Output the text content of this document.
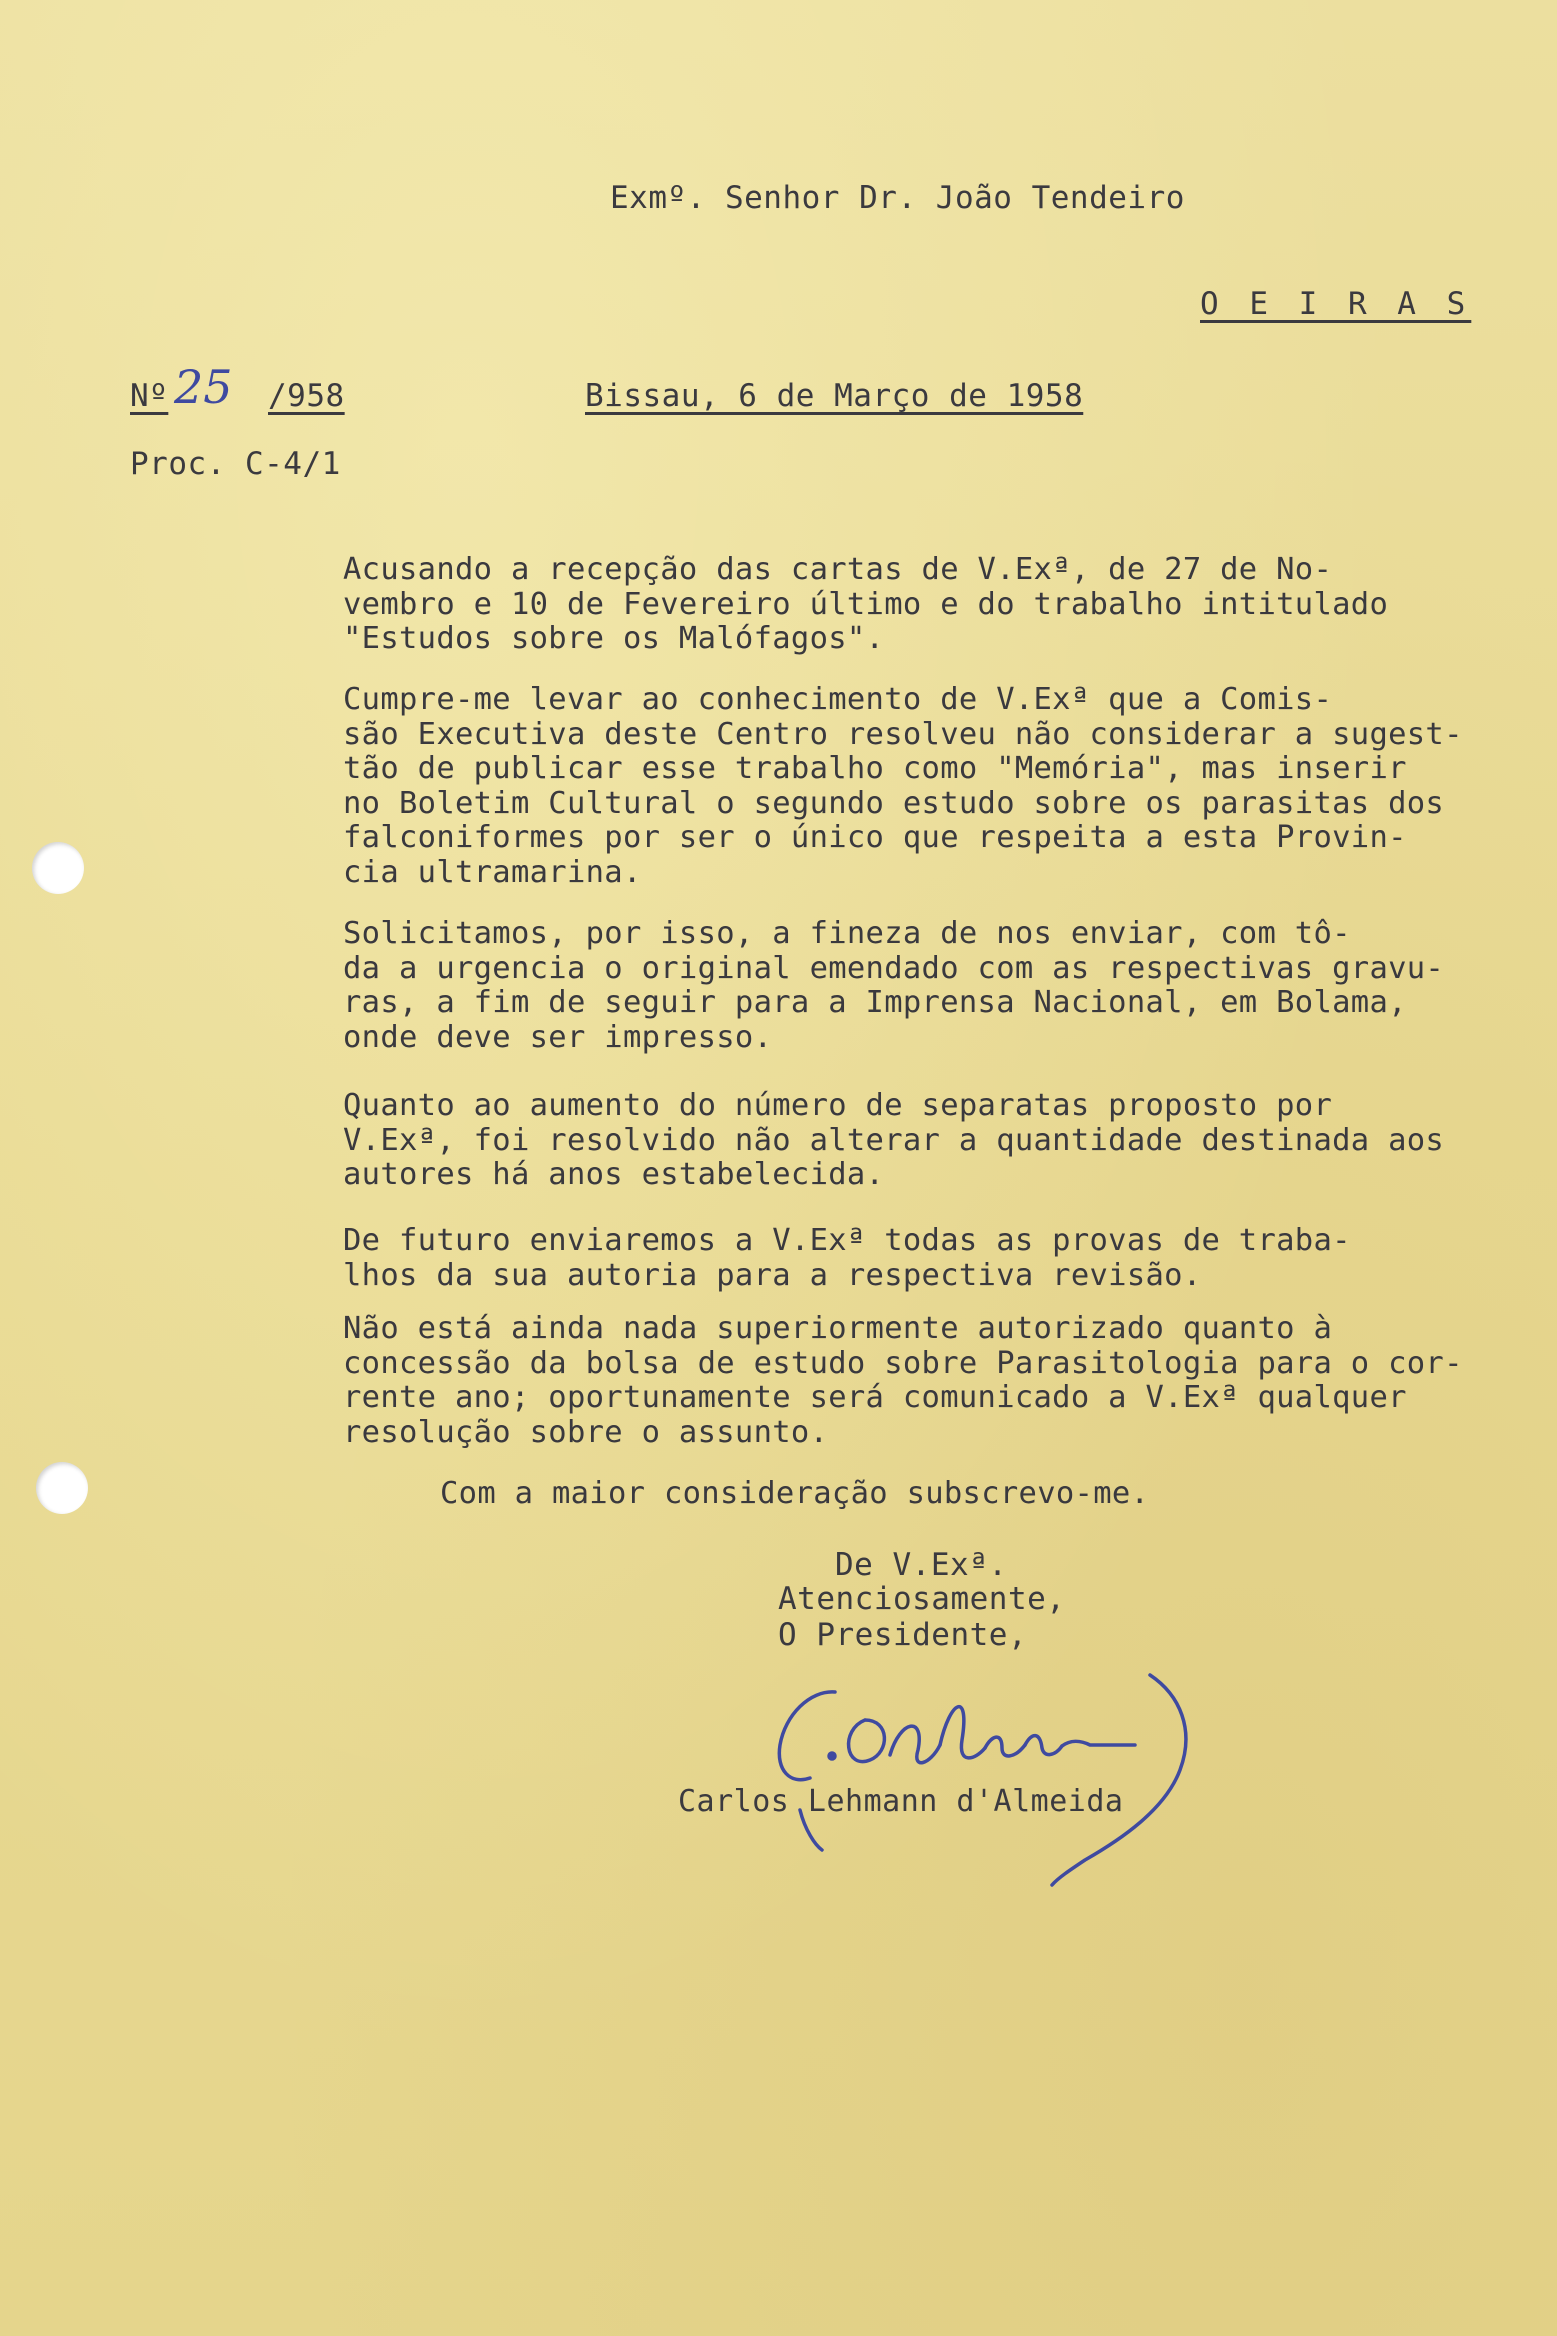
Exmº. Senhor Dr. João Tendeiro

O E I R A S

Nº 25 /958	Bissau, 6 de Março de 1958

Proc. C-4/1

Acusando a recepção das cartas de V.Exª, de 27 de No-
vembro e 10 de Fevereiro último e do trabalho intitulado
"Estudos sobre os Malófagos".

Cumpre-me levar ao conhecimento de V.Exª que a Comis-
são Executiva deste Centro resolveu não considerar a sugest-
tão de publicar esse trabalho como "Memória", mas inserir
no Boletim Cultural o segundo estudo sobre os parasitas dos
falconiformes por ser o único que respeita a esta Provin-
cia ultramarina.

Solicitamos, por isso, a fineza de nos enviar, com tô-
da a urgencia o original emendado com as respectivas gravu-
ras, a fim de seguir para a Imprensa Nacional, em Bolama,
onde deve ser impresso.

Quanto ao aumento do número de separatas proposto por
V.Exª, foi resolvido não alterar a quantidade destinada aos
autores há anos estabelecida.

De futuro enviaremos a V.Exª todas as provas de traba-
lhos da sua autoria para a respectiva revisão.

Não está ainda nada superiormente autorizado quanto à
concessão da bolsa de estudo sobre Parasitologia para o cor-
rente ano; oportunamente será comunicado a V.Exª qualquer
resolução sobre o assunto.

Com a maior consideração subscrevo-me.

De V.Exª.

Atenciosamente,

O Presidente,

Carlos Lehmann d'Almeida
